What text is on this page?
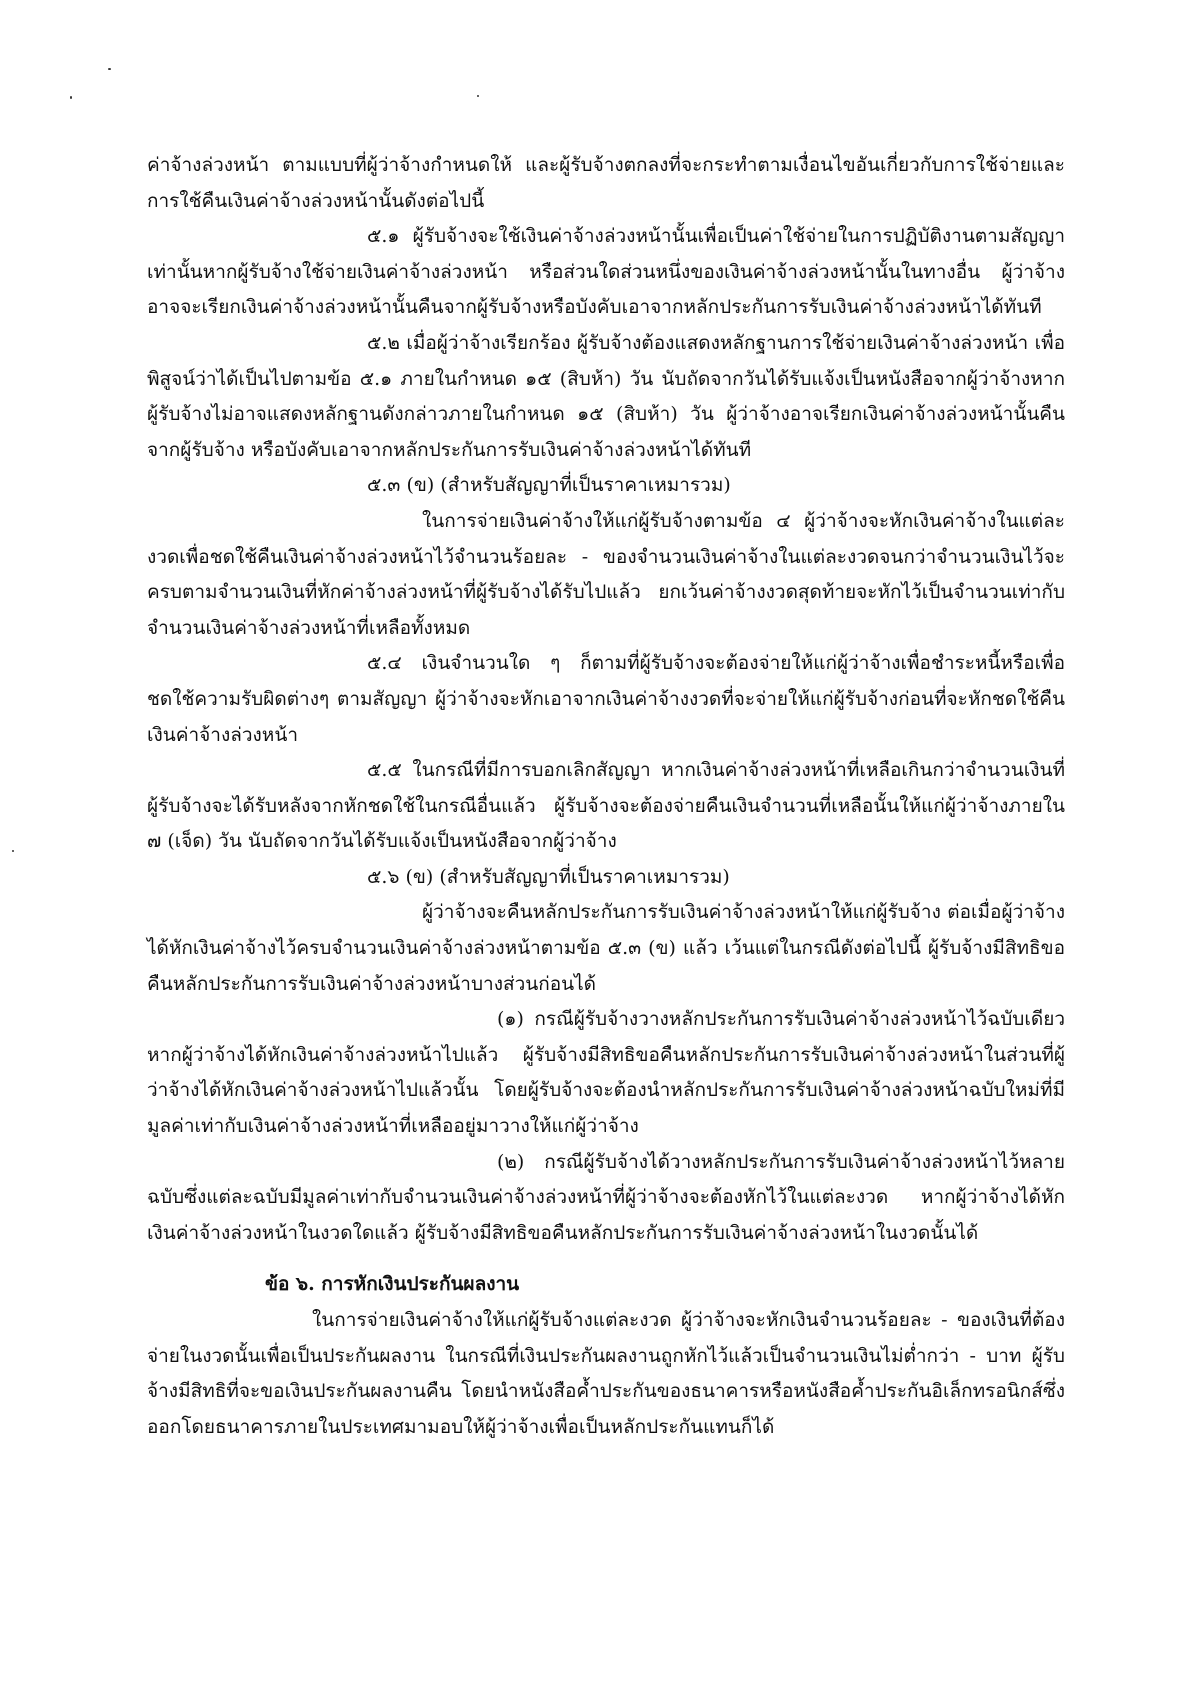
ค่าจ้างล่วงหน้า ตามแบบที่ผู้ว่าจ้างกำหนดให้ และผู้รับจ้างตกลงที่จะกระทำตามเงื่อนไขอันเกี่ยวกับการใช้จ่ายและการใช้คืนเงินค่าจ้างล่วงหน้านั้นดังต่อไปนี้

๕.๑ ผู้รับจ้างจะใช้เงินค่าจ้างล่วงหน้านั้นเพื่อเป็นค่าใช้จ่ายในการปฏิบัติงานตามสัญญาเท่านั้นหากผู้รับจ้างใช้จ่ายเงินค่าจ้างล่วงหน้า หรือส่วนใดส่วนหนึ่งของเงินค่าจ้างล่วงหน้านั้นในทางอื่น ผู้ว่าจ้างอาจจะเรียกเงินค่าจ้างล่วงหน้านั้นคืนจากผู้รับจ้างหรือบังคับเอาจากหลักประกันการรับเงินค่าจ้างล่วงหน้าได้ทันที

๕.๒ เมื่อผู้ว่าจ้างเรียกร้อง ผู้รับจ้างต้องแสดงหลักฐานการใช้จ่ายเงินค่าจ้างล่วงหน้า เพื่อพิสูจน์ว่าได้เป็นไปตามข้อ ๕.๑ ภายในกำหนด ๑๕ (สิบห้า) วัน นับถัดจากวันได้รับแจ้งเป็นหนังสือจากผู้ว่าจ้างหากผู้รับจ้างไม่อาจแสดงหลักฐานดังกล่าวภายในกำหนด ๑๕ (สิบห้า) วัน ผู้ว่าจ้างอาจเรียกเงินค่าจ้างล่วงหน้านั้นคืนจากผู้รับจ้าง หรือบังคับเอาจากหลักประกันการรับเงินค่าจ้างล่วงหน้าได้ทันที

๕.๓ (ข) (สำหรับสัญญาที่เป็นราคาเหมารวม)

ในการจ่ายเงินค่าจ้างให้แก่ผู้รับจ้างตามข้อ ๔ ผู้ว่าจ้างจะหักเงินค่าจ้างในแต่ละงวดเพื่อชดใช้คืนเงินค่าจ้างล่วงหน้าไว้จำนวนร้อยละ - ของจำนวนเงินค่าจ้างในแต่ละงวดจนกว่าจำนวนเงินไว้จะครบตามจำนวนเงินที่หักค่าจ้างล่วงหน้าที่ผู้รับจ้างได้รับไปแล้ว ยกเว้นค่าจ้างงวดสุดท้ายจะหักไว้เป็นจำนวนเท่ากับจำนวนเงินค่าจ้างล่วงหน้าที่เหลือทั้งหมด

๕.๔ เงินจำนวนใด ๆ ก็ตามที่ผู้รับจ้างจะต้องจ่ายให้แก่ผู้ว่าจ้างเพื่อชำระหนี้หรือเพื่อชดใช้ความรับผิดต่างๆ ตามสัญญา ผู้ว่าจ้างจะหักเอาจากเงินค่าจ้างงวดที่จะจ่ายให้แก่ผู้รับจ้างก่อนที่จะหักชดใช้คืนเงินค่าจ้างล่วงหน้า

๕.๕ ในกรณีที่มีการบอกเลิกสัญญา หากเงินค่าจ้างล่วงหน้าที่เหลือเกินกว่าจำนวนเงินที่ผู้รับจ้างจะได้รับหลังจากหักชดใช้ในกรณีอื่นแล้ว ผู้รับจ้างจะต้องจ่ายคืนเงินจำนวนที่เหลือนั้นให้แก่ผู้ว่าจ้างภายใน ๗ (เจ็ด) วัน นับถัดจากวันได้รับแจ้งเป็นหนังสือจากผู้ว่าจ้าง

๕.๖ (ข) (สำหรับสัญญาที่เป็นราคาเหมารวม)

ผู้ว่าจ้างจะคืนหลักประกันการรับเงินค่าจ้างล่วงหน้าให้แก่ผู้รับจ้าง ต่อเมื่อผู้ว่าจ้างได้หักเงินค่าจ้างไว้ครบจำนวนเงินค่าจ้างล่วงหน้าตามข้อ ๕.๓ (ข) แล้ว เว้นแต่ในกรณีดังต่อไปนี้ ผู้รับจ้างมีสิทธิขอคืนหลักประกันการรับเงินค่าจ้างล่วงหน้าบางส่วนก่อนได้

(๑) กรณีผู้รับจ้างวางหลักประกันการรับเงินค่าจ้างล่วงหน้าไว้ฉบับเดียว หากผู้ว่าจ้างได้หักเงินค่าจ้างล่วงหน้าไปแล้ว ผู้รับจ้างมีสิทธิขอคืนหลักประกันการรับเงินค่าจ้างล่วงหน้าในส่วนที่ผู้ว่าจ้างได้หักเงินค่าจ้างล่วงหน้าไปแล้วนั้น โดยผู้รับจ้างจะต้องนำหลักประกันการรับเงินค่าจ้างล่วงหน้าฉบับใหม่ที่มีมูลค่าเท่ากับเงินค่าจ้างล่วงหน้าที่เหลืออยู่มาวางให้แก่ผู้ว่าจ้าง

(๒) กรณีผู้รับจ้างได้วางหลักประกันการรับเงินค่าจ้างล่วงหน้าไว้หลายฉบับซึ่งแต่ละฉบับมีมูลค่าเท่ากับจำนวนเงินค่าจ้างล่วงหน้าที่ผู้ว่าจ้างจะต้องหักไว้ในแต่ละงวด หากผู้ว่าจ้างได้หักเงินค่าจ้างล่วงหน้าในงวดใดแล้ว ผู้รับจ้างมีสิทธิขอคืนหลักประกันการรับเงินค่าจ้างล่วงหน้าในงวดนั้นได้

ข้อ ๖. การหักเงินประกันผลงาน

ในการจ่ายเงินค่าจ้างให้แก่ผู้รับจ้างแต่ละงวด ผู้ว่าจ้างจะหักเงินจำนวนร้อยละ - ของเงินที่ต้องจ่ายในงวดนั้นเพื่อเป็นประกันผลงาน ในกรณีที่เงินประกันผลงานถูกหักไว้แล้วเป็นจำนวนเงินไม่ต่ำกว่า - บาท ผู้รับจ้างมีสิทธิที่จะขอเงินประกันผลงานคืน โดยนำหนังสือค้ำประกันของธนาคารหรือหนังสือค้ำประกันอิเล็กทรอนิกส์ซึ่งออกโดยธนาคารภายในประเทศมามอบให้ผู้ว่าจ้างเพื่อเป็นหลักประกันแทนก็ได้
